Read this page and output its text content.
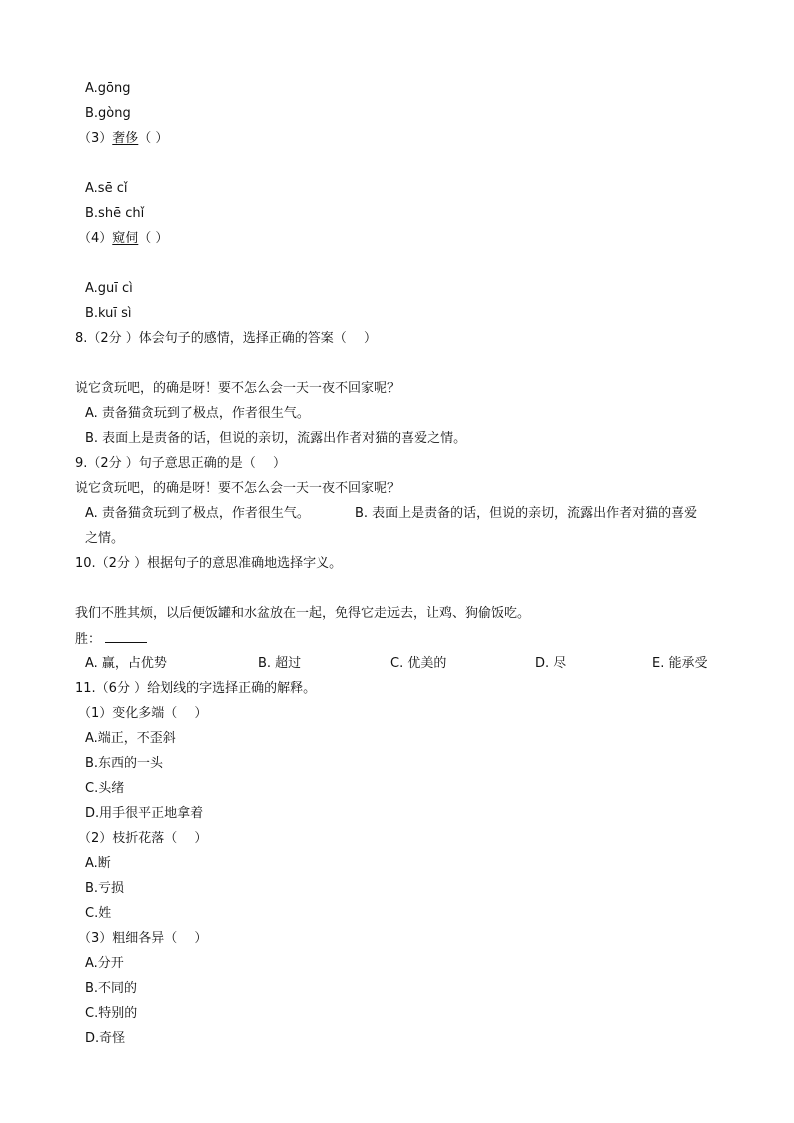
A.gōng
B.gòng
（3）奢侈（ ）
A.sē cǐ
B.shē chǐ
（4）窥伺（ ）
A.guī cì
B.kuī sì
8.（2分 ）体会句子的感情，选择正确的答案（　 ）
说它贪玩吧，的确是呀！要不怎么会一天一夜不回家呢？
A. 责备猫贪玩到了极点，作者很生气。
B. 表面上是责备的话，但说的亲切，流露出作者对猫的喜爱之情。
9.（2分 ）句子意思正确的是（　 ）
说它贪玩吧，的确是呀！要不怎么会一天一夜不回家呢？
A. 责备猫贪玩到了极点，作者很生气。	B. 表面上是责备的话，但说的亲切，流露出作者对猫的喜爱
之情。
10.（2分 ）根据句子的意思准确地选择字义。
我们不胜其烦，以后便饭罐和水盆放在一起，免得它走远去，让鸡、狗偷饭吃。
胜：
A. 赢，占优势	B. 超过	C. 优美的	D. 尽	E. 能承受
11.（6分 ）给划线的字选择正确的解释。
（1）变化多端（　 ）
A.端正，不歪斜
B.东西的一头
C.头绪
D.用手很平正地拿着
（2）枝折花落（　 ）
A.断
B.亏损
C.姓
（3）粗细各异（　 ）
A.分开
B.不同的
C.特别的
D.奇怪
